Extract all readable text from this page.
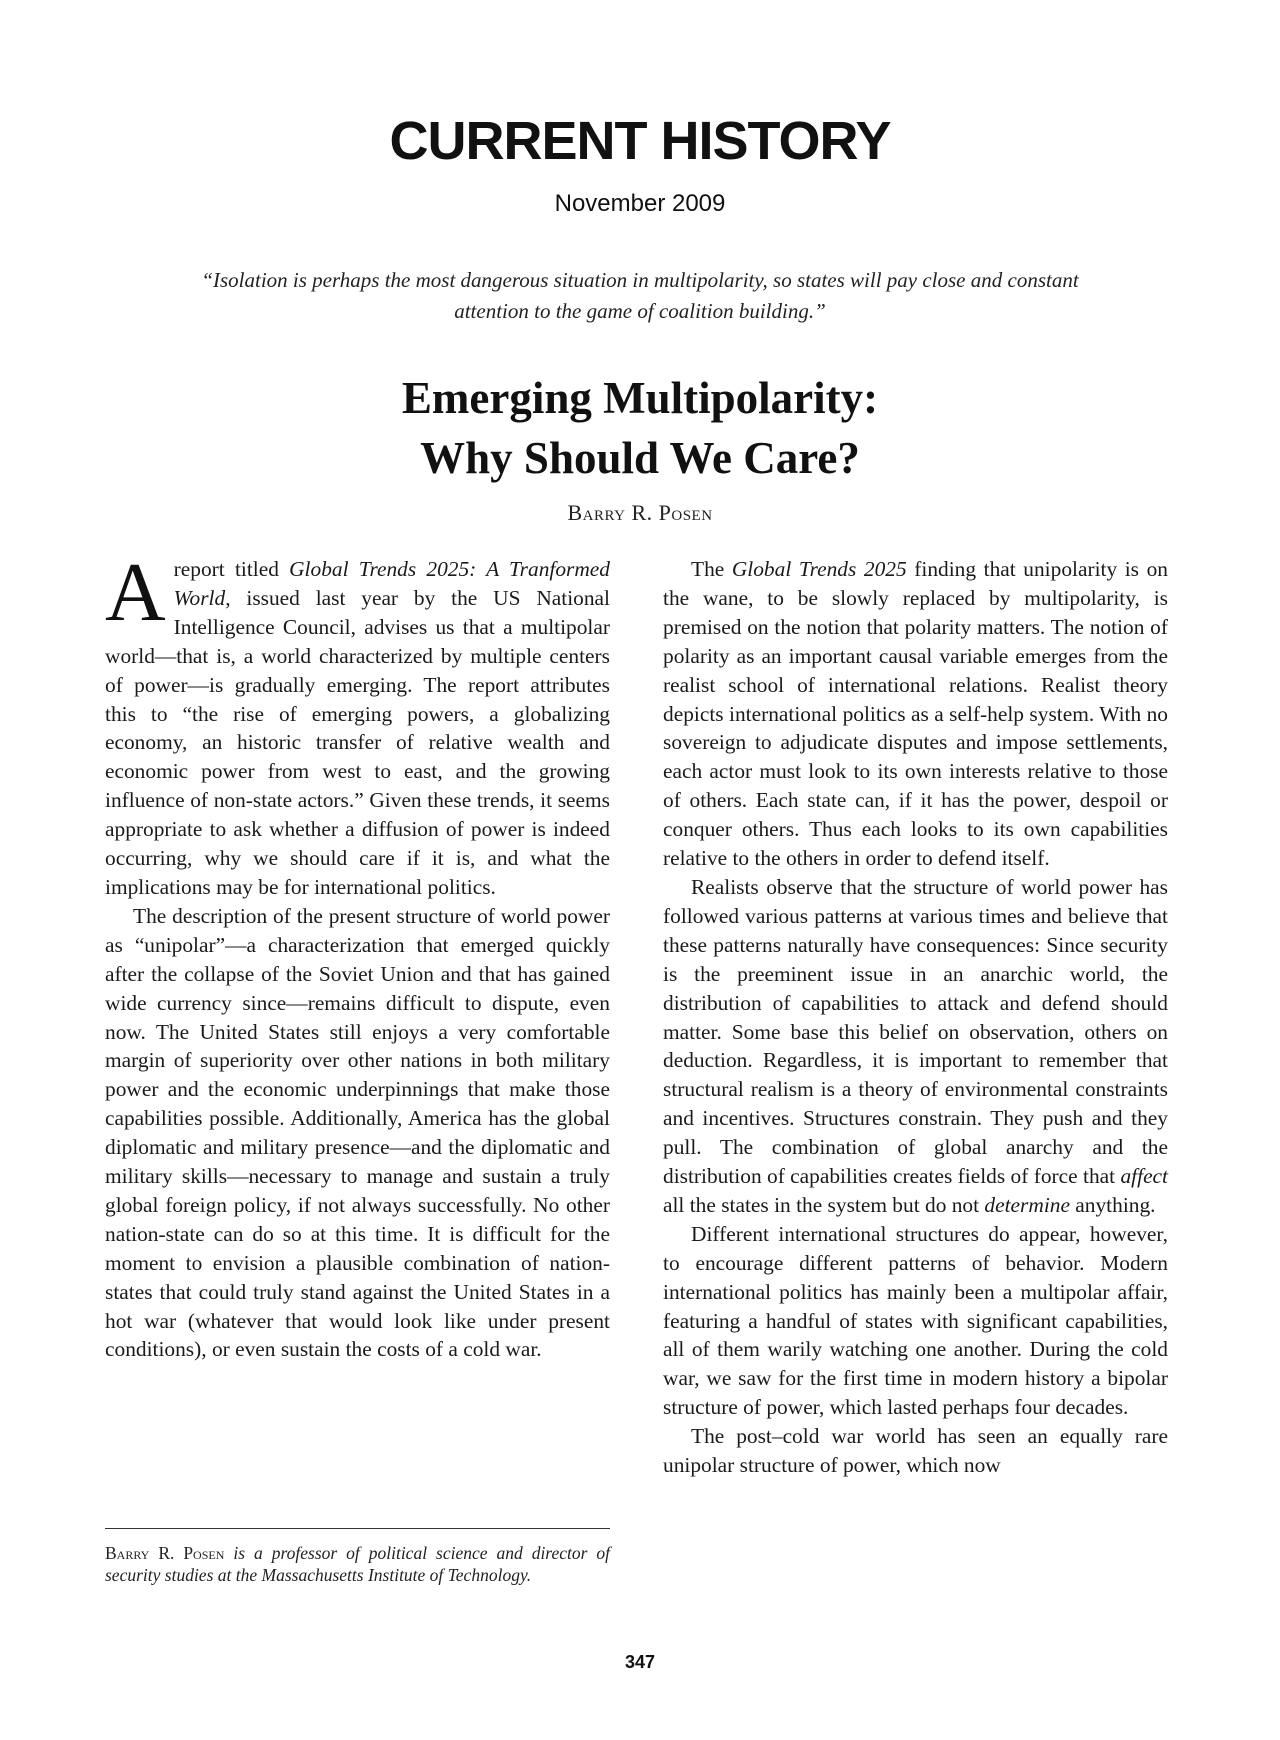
CURRENT HISTORY
November 2009
“Isolation is perhaps the most dangerous situation in multipolarity, so states will pay close and constant attention to the game of coalition building.”
Emerging Multipolarity:
Why Should We Care?
Barry R. Posen

A report titled Global Trends 2025: A Tranformed World, issued last year by the US National Intelligence Council, advises us that a multipolar world—that is, a world characterized by multiple centers of power—is gradually emerging. The report attributes this to “the rise of emerging powers, a globalizing economy, an historic transfer of relative wealth and economic power from west to east, and the growing influence of non-state actors.” Given these trends, it seems appropriate to ask whether a diffusion of power is indeed occurring, why we should care if it is, and what the implications may be for international politics.

The description of the present structure of world power as “unipolar”—a characterization that emerged quickly after the collapse of the Soviet Union and that has gained wide currency since—remains difficult to dispute, even now. The United States still enjoys a very comfortable margin of superiority over other nations in both military power and the economic underpinnings that make those capabilities possible. Additionally, America has the global diplomatic and military presence—and the diplomatic and military skills—necessary to manage and sustain a truly global foreign policy, if not always successfully. No other nation-state can do so at this time. It is difficult for the moment to envision a plausible combination of nation-states that could truly stand against the United States in a hot war (whatever that would look like under present conditions), or even sustain the costs of a cold war.

The Global Trends 2025 finding that unipolarity is on the wane, to be slowly replaced by multipolarity, is premised on the notion that polarity matters. The notion of polarity as an important causal variable emerges from the realist school of international relations. Realist theory depicts international politics as a self-help system. With no sovereign to adjudicate disputes and impose settlements, each actor must look to its own interests relative to those of others. Each state can, if it has the power, despoil or conquer others. Thus each looks to its own capabilities relative to the others in order to defend itself.

Realists observe that the structure of world power has followed various patterns at various times and believe that these patterns naturally have consequences: Since security is the preeminent issue in an anarchic world, the distribution of capabilities to attack and defend should matter. Some base this belief on observation, others on deduction. Regardless, it is important to remember that structural realism is a theory of environmental constraints and incentives. Structures constrain. They push and they pull. The combination of global anarchy and the distribution of capabilities creates fields of force that affect all the states in the system but do not determine anything.

Different international structures do appear, however, to encourage different patterns of behavior. Modern international politics has mainly been a multipolar affair, featuring a handful of states with significant capabilities, all of them warily watching one another. During the cold war, we saw for the first time in modern history a bipolar structure of power, which lasted perhaps four decades.

The post–cold war world has seen an equally rare unipolar structure of power, which now

Barry R. Posen is a professor of political science and director of security studies at the Massachusetts Institute of Technology.
347
